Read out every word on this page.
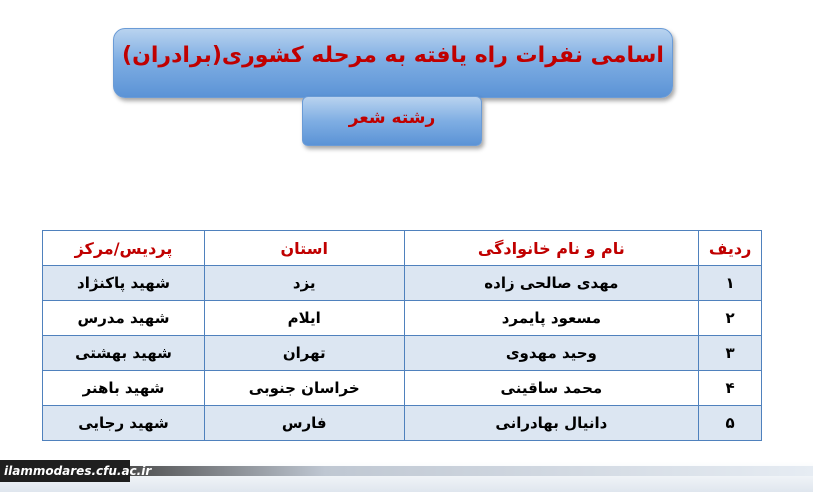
اسامی نفرات راه یافته به مرحله کشوری(برادران)
رشته شعر
ردیف	نام و نام خانوادگی	استان	پردیس/مرکز
۱	مهدی صالحی زاده	یزد	شهید پاکنژاد
۲	مسعود پایمرد	ایلام	شهید مدرس
۳	وحید مهدوی	تهران	شهید بهشتی
۴	محمد ساقینی	خراسان جنوبی	شهید باهنر
۵	دانیال بهادرانی	فارس	شهید رجایی
ilammodares.cfu.ac.ir
